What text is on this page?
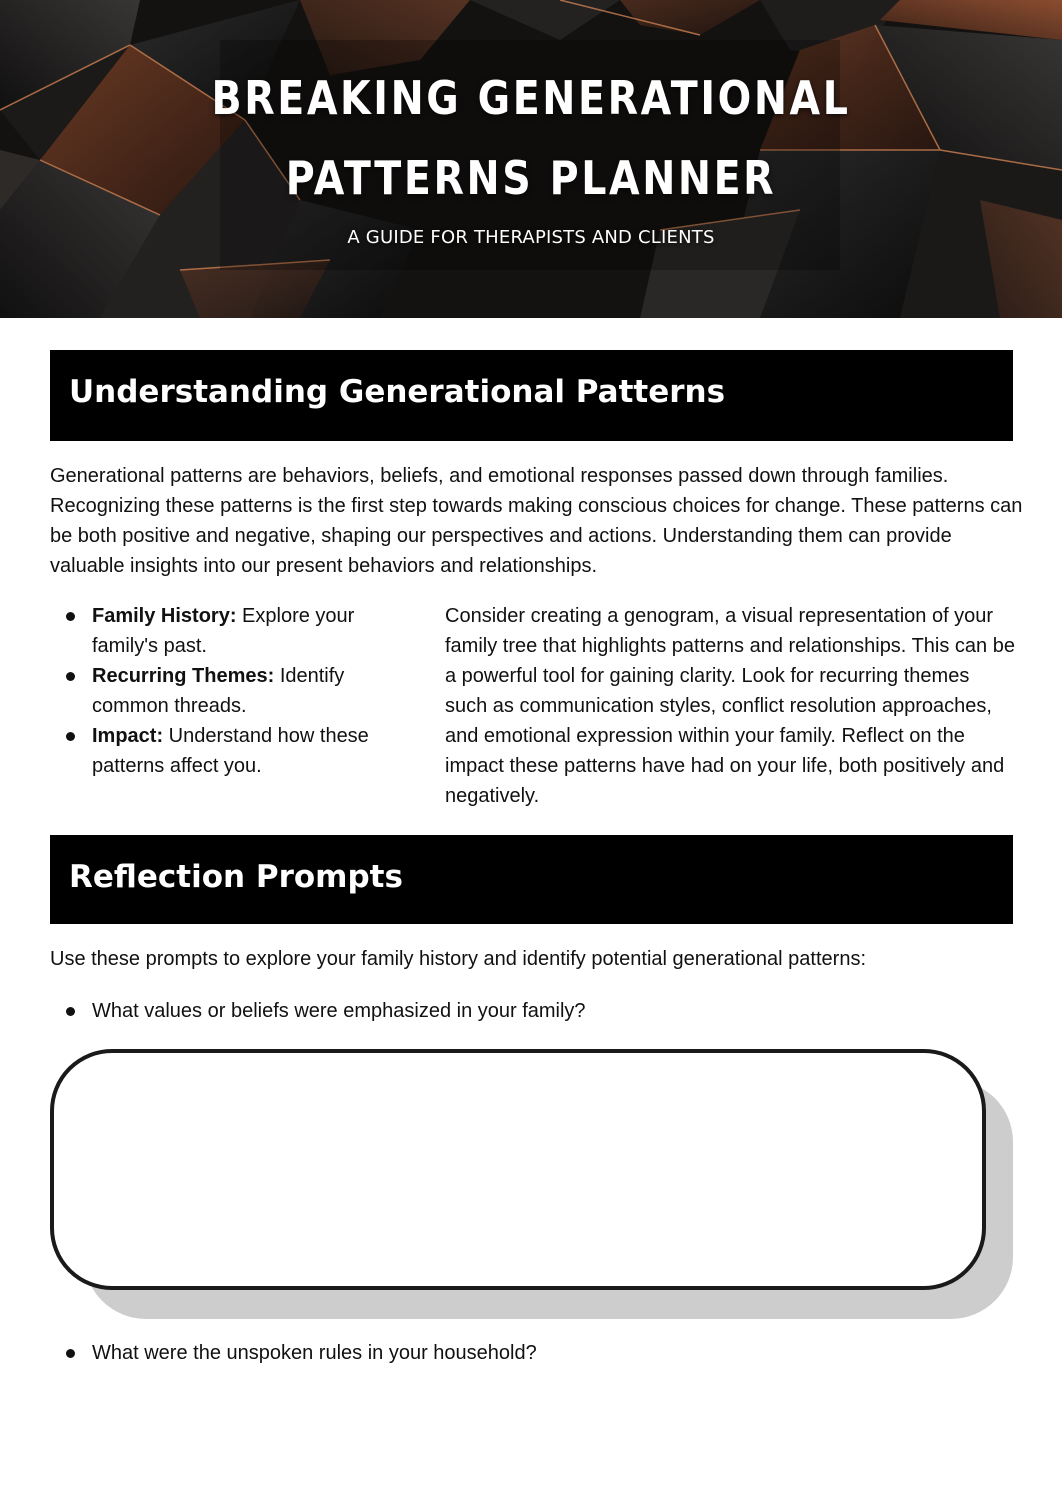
BREAKING GENERATIONAL
PATTERNS PLANNER

A GUIDE FOR THERAPISTS AND CLIENTS

Understanding Generational Patterns

Generational patterns are behaviors, beliefs, and emotional responses passed down through families. Recognizing these patterns is the first step towards making conscious choices for change. These patterns can be both positive and negative, shaping our perspectives and actions. Understanding them can provide valuable insights into our present behaviors and relationships.

Family History: Explore your family's past.
Recurring Themes: Identify common threads.
Impact: Understand how these patterns affect you.

Consider creating a genogram, a visual representation of your family tree that highlights patterns and relationships. This can be a powerful tool for gaining clarity. Look for recurring themes such as communication styles, conflict resolution approaches, and emotional expression within your family. Reflect on the impact these patterns have had on your life, both positively and negatively.

Reflection Prompts

Use these prompts to explore your family history and identify potential generational patterns:

What values or beliefs were emphasized in your family?
What were the unspoken rules in your household?
